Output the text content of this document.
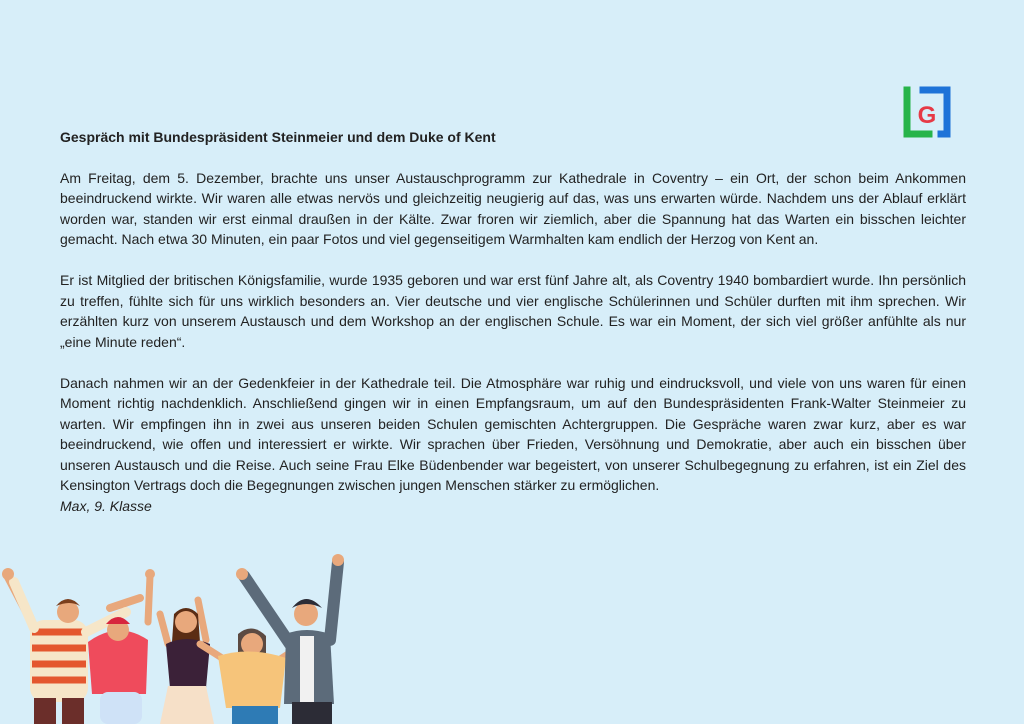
G

Gespräch mit Bundespräsident Steinmeier und dem Duke of Kent

Am Freitag, dem 5. Dezember, brachte uns unser Austauschprogramm zur Kathedrale in Coventry – ein Ort, der schon beim Ankommen beeindruckend wirkte. Wir waren alle etwas nervös und gleichzeitig neugierig auf das, was uns erwarten würde. Nachdem uns der Ablauf erklärt worden war, standen wir erst einmal draußen in der Kälte. Zwar froren wir ziemlich, aber die Spannung hat das Warten ein bisschen leichter gemacht. Nach etwa 30 Minuten, ein paar Fotos und viel gegenseitigem Warmhalten kam endlich der Herzog von Kent an.

Er ist Mitglied der britischen Königsfamilie, wurde 1935 geboren und war erst fünf Jahre alt, als Coventry 1940 bombardiert wurde. Ihn persönlich zu treffen, fühlte sich für uns wirklich besonders an. Vier deutsche und vier englische Schülerinnen und Schüler durften mit ihm sprechen. Wir erzählten kurz von unserem Austausch und dem Workshop an der englischen Schule. Es war ein Moment, der sich viel größer anfühlte als nur „eine Minute reden“.

Danach nahmen wir an der Gedenkfeier in der Kathedrale teil. Die Atmosphäre war ruhig und eindrucksvoll, und viele von uns waren für einen Moment richtig nachdenklich. Anschließend gingen wir in einen Empfangsraum, um auf den Bundespräsidenten Frank-Walter Steinmeier zu warten. Wir empfingen ihn in zwei aus unseren beiden Schulen gemischten Achtergruppen. Die Gespräche waren zwar kurz, aber es war beeindruckend, wie offen und interessiert er wirkte. Wir sprachen über Frieden, Versöhnung und Demokratie, aber auch ein bisschen über unseren Austausch und die Reise. Auch seine Frau Elke Büdenbender war begeistert, von unserer Schulbegegnung zu erfahren, ist ein Ziel des Kensington Vertrags doch die Begegnungen zwischen jungen Menschen stärker zu ermöglichen.

Max, 9. Klasse
